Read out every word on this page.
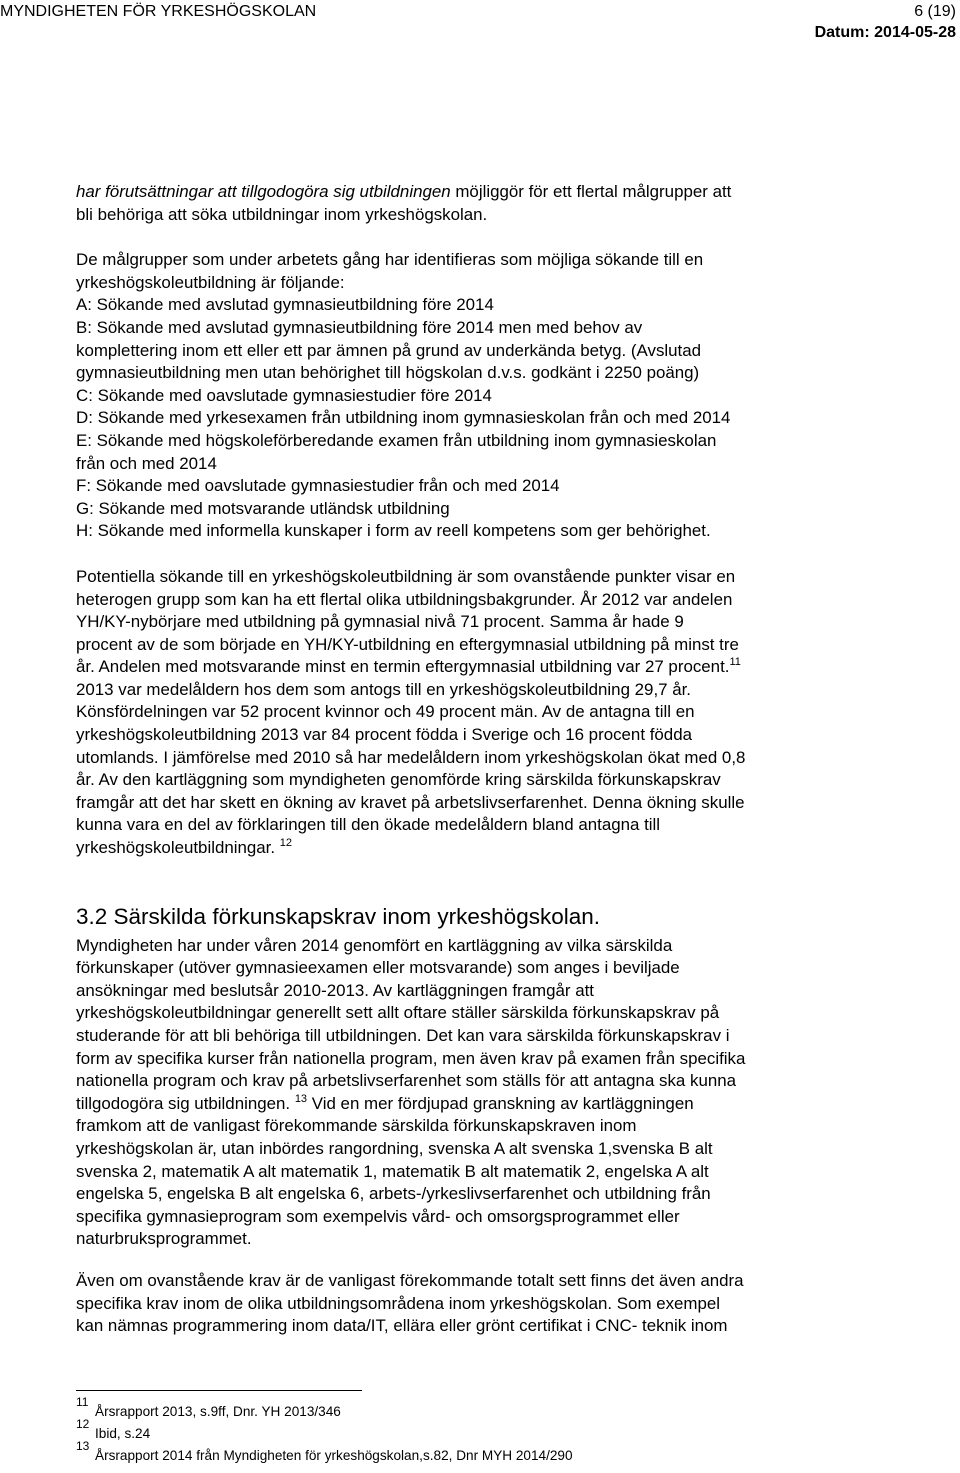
MYNDIGHETEN FÖR YRKESHÖGSKOLAN	6 (19)
Datum: 2014-05-28

har förutsättningar att tillgodogöra sig utbildningen möjliggör för ett flertal målgrupper att
bli behöriga att söka utbildningar inom yrkeshögskolan.

De målgrupper som under arbetets gång har identifieras som möjliga sökande till en
yrkeshögskoleutbildning är följande:
A: Sökande med avslutad gymnasieutbildning före 2014
B: Sökande med avslutad gymnasieutbildning före 2014 men med behov av
komplettering inom ett eller ett par ämnen på grund av underkända betyg. (Avslutad
gymnasieutbildning men utan behörighet till högskolan d.v.s. godkänt i 2250 poäng)
C: Sökande med oavslutade gymnasiestudier före 2014
D: Sökande med yrkesexamen från utbildning inom gymnasieskolan från och med 2014
E: Sökande med högskoleförberedande examen från utbildning inom gymnasieskolan
från och med 2014
F: Sökande med oavslutade gymnasiestudier från och med 2014
G: Sökande med motsvarande utländsk utbildning
H: Sökande med informella kunskaper i form av reell kompetens som ger behörighet.

Potentiella sökande till en yrkeshögskoleutbildning är som ovanstående punkter visar en
heterogen grupp som kan ha ett flertal olika utbildningsbakgrunder. År 2012 var andelen
YH/KY-nybörjare med utbildning på gymnasial nivå 71 procent. Samma år hade 9
procent av de som började en YH/KY-utbildning en eftergymnasial utbildning på minst tre
år. Andelen med motsvarande minst en termin eftergymnasial utbildning var 27 procent.$^{11}$
2013 var medelåldern hos dem som antogs till en yrkeshögskoleutbildning 29,7 år.
Könsfördelningen var 52 procent kvinnor och 49 procent män. Av de antagna till en
yrkeshögskoleutbildning 2013 var 84 procent födda i Sverige och 16 procent födda
utomlands. I jämförelse med 2010 så har medelåldern inom yrkeshögskolan ökat med 0,8
år. Av den kartläggning som myndigheten genomförde kring särskilda förkunskapskrav
framgår att det har skett en ökning av kravet på arbetslivserfarenhet. Denna ökning skulle
kunna vara en del av förklaringen till den ökade medelåldern bland antagna till
yrkeshögskoleutbildningar. $^{12}$

3.2 Särskilda förkunskapskrav inom yrkeshögskolan.

Myndigheten har under våren 2014 genomfört en kartläggning av vilka särskilda
förkunskaper (utöver gymnasieexamen eller motsvarande) som anges i beviljade
ansökningar med beslutsår 2010-2013. Av kartläggningen framgår att
yrkeshögskoleutbildningar generellt sett allt oftare ställer särskilda förkunskapskrav på
studerande för att bli behöriga till utbildningen. Det kan vara särskilda förkunskapskrav i
form av specifika kurser från nationella program, men även krav på examen från specifika
nationella program och krav på arbetslivserfarenhet som ställs för att antagna ska kunna
tillgodogöra sig utbildningen. $^{13}$ Vid en mer fördjupad granskning av kartläggningen
framkom att de vanligast förekommande särskilda förkunskapskraven inom
yrkeshögskolan är, utan inbördes rangordning, svenska A alt svenska 1,svenska B alt
svenska 2, matematik A alt matematik 1, matematik B alt matematik 2, engelska A alt
engelska 5, engelska B alt engelska 6, arbets-/yrkeslivserfarenhet och utbildning från
specifika gymnasieprogram som exempelvis vård- och omsorgsprogrammet eller
naturbruksprogrammet.

Även om ovanstående krav är de vanligast förekommande totalt sett finns det även andra
specifika krav inom de olika utbildningsområdena inom yrkeshögskolan. Som exempel
kan nämnas programmering inom data/IT, ellära eller grönt certifikat i CNC- teknik inom

11
Årsrapport 2013, s.9ff, Dnr. YH 2013/346
12
Ibid, s.24
13
Årsrapport 2014 från Myndigheten för yrkeshögskolan,s.82, Dnr MYH 2014/290
